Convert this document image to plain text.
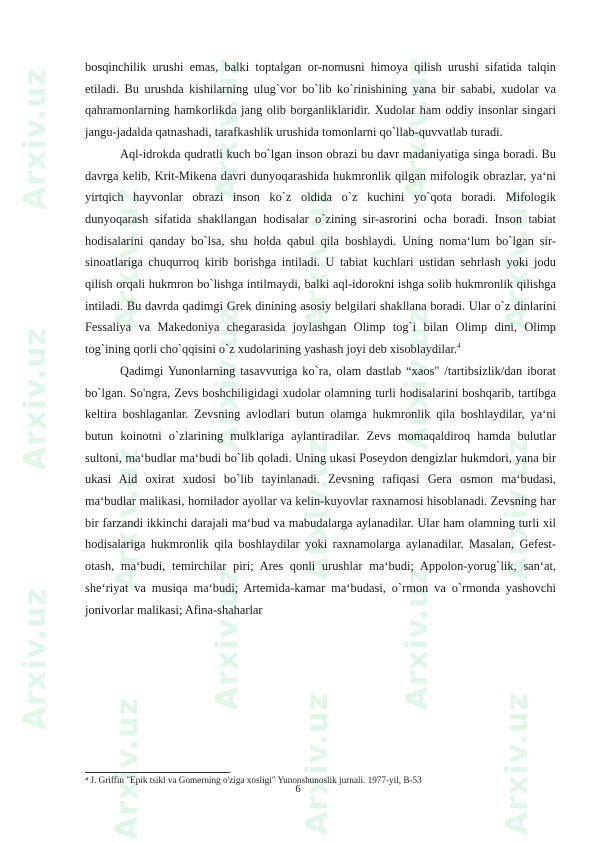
Arxiv.uz
Arxiv.uz
Arxiv.uz
Arxiv.uz
Arxiv.uz
Arxiv.uz
Arxiv.uz
Arxiv.uz
Arxiv.uz
Arxiv.uz
Arxiv.uz
Arxiv.uz
Arxiv.uz
Arxiv.uz
Arxiv.uz
Arxiv.uz
Arxiv.uz
Arxiv.uz

bosqinchilik urushi emas, balki toptalgan or-nomusni himoya qilish urushi sifatida talqin etiladi. Bu urushda kishilarning ulug`vor bo`lib ko`rinishining yana bir sababi, xudolar va qahramonlarning hamkorlikda jang olib borganliklaridir. Xudolar ham oddiy insonlar singari jangu-jadalda qatnashadi, tarafkashlik urushida tomonlarni qo`llab-quvvatlab turadi.

Aql-idrokda qudratli kuch bo`lgan inson obrazi bu davr madaniyatiga singa boradi. Bu davrga kelib, Krit-Mikena davri dunyoqarashida hukmronlik qilgan mifologik obrazlar, ya‘ni yirtqich hayvonlar obrazi inson ko`z oldida o`z kuchini yo`qota boradi. Mifologik dunyoqarash sifatida shakllangan hodisalar o`zining sir-asrorini ocha boradi. Inson tabiat hodisalarini qanday bo`lsa, shu holda qabul qila boshlaydi. Uning noma‘lum bo`lgan sir-sinoatlariga chuqurroq kirib borishga intiladi. U tabiat kuchlari ustidan sehrlash yoki jodu qilish orqali hukmron bo`lishga intilmaydi, balki aql-idorokni ishga solib hukmronlik qilishga intiladi. Bu davrda qadimgi Grek dinining asosiy belgilari shakllana boradi. Ular o`z dinlarini Fessaliya va Makedoniya chegarasida joylashgan Olimp tog`i bilan Olimp dini, Olimp tog`ining qorli cho`qqisini o`z xudolarining yashash joyi deb xisoblaydilar.$^4$

Qadimgi Yunonlarning tasavvuriga ko`ra, olam dastlab “xaos" /tartibsizlik/dan iborat bo`lgan. So'ngra, Zevs boshchiligidagi xudolar olamning turli hodisalarini boshqarib, tartibga keltira boshlaganlar. Zevsning avlodlari butun olamga hukmronlik qila boshlaydilar, ya‘ni butun koinotni o`zlarining mulklariga aylantiradilar. Zevs momaqaldiroq hamda bulutlar sultoni, ma‘budlar ma‘budi bo`lib qoladi. Uning ukasi Poseydon dengizlar hukmdori, yana bir ukasi Aid oxirat xudosi bo`lib tayinlanadi. Zevsning rafiqasi Gera osmon ma‘budasi, ma‘budlar malikasi, homilador ayollar va kelin-kuyovlar raxnamosi hisoblanadi. Zevsning har bir farzandi ikkinchi darajali ma‘bud va mabudalarga aylanadilar. Ular ham olamning turli xil hodisalariga hukmronlik qila boshlaydilar yoki raxnamolarga aylanadilar. Masalan, Gefest-otash, ma‘budi, temirchilar piri; Ares qonli urushlar ma‘budi; Appolon-yorug`lik, san‘at, she‘riyat va musiqa ma‘budi; Artemida-kamar ma‘budasi, o`rmon va o`rmonda yashovchi jonivorlar malikasi; Afina-shaharlar

⁴ J. Griffin "Epik tsikl va Gomerning o'ziga xosligi" Yunonshunoslik jurnali. 1977-yil, B-53
6
